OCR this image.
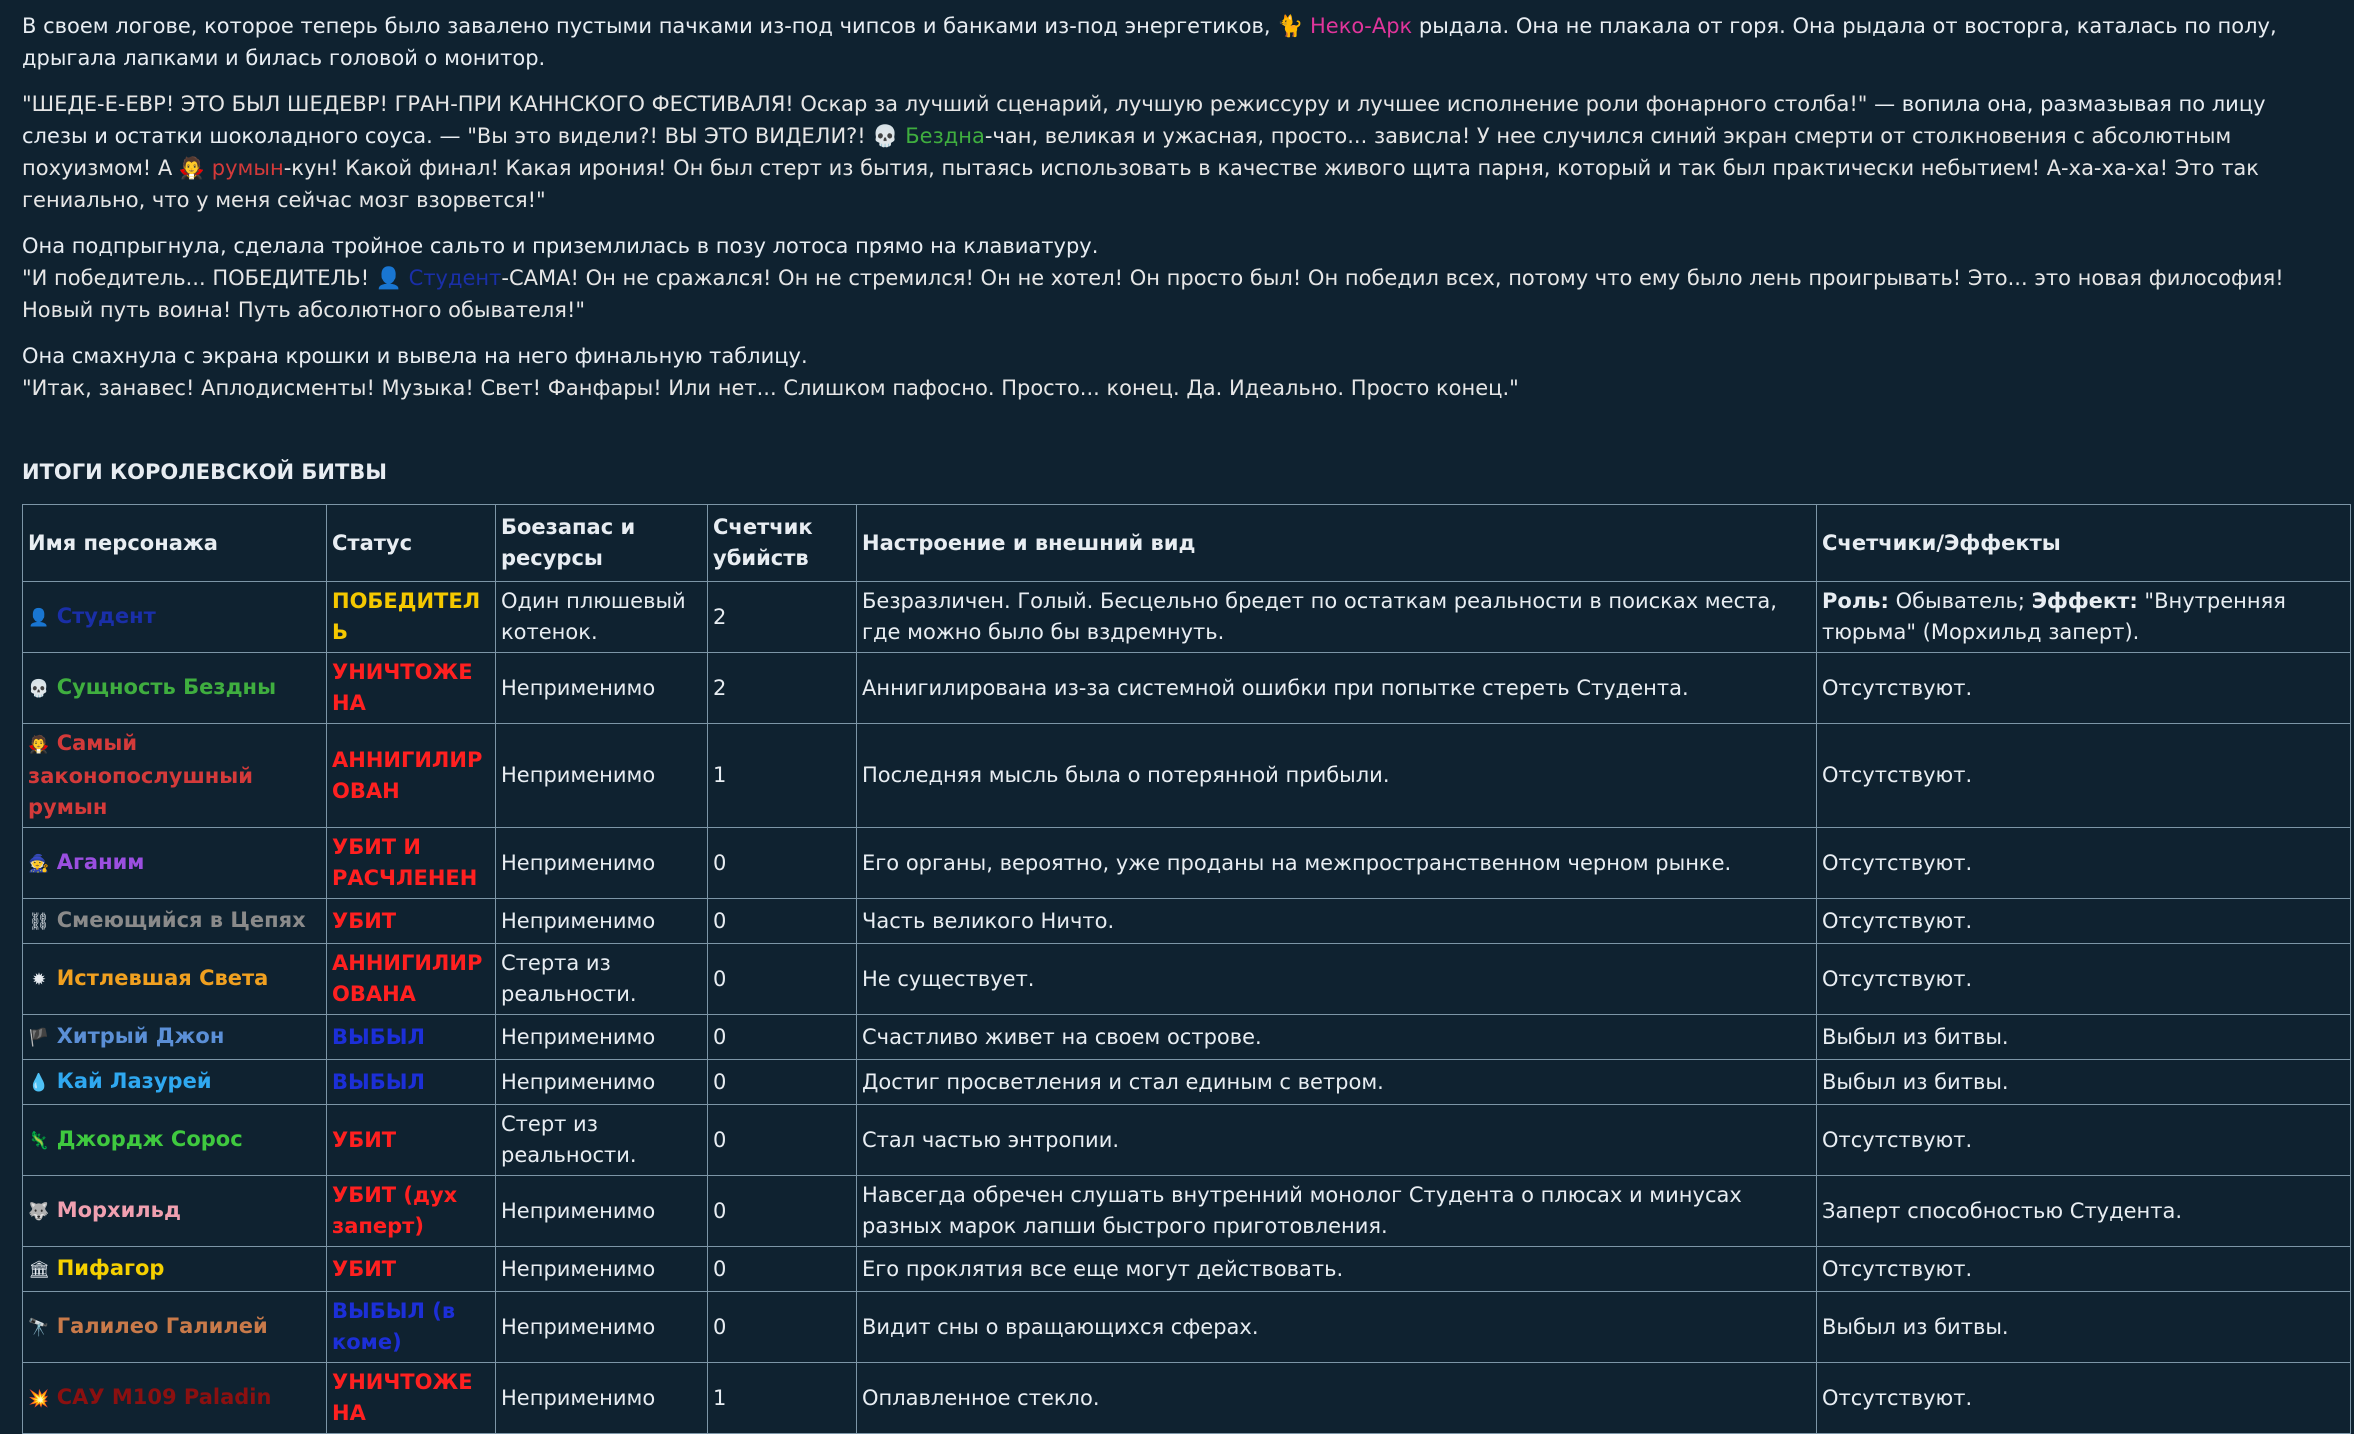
В своем логове, которое теперь было завалено пустыми пачками из-под чипсов и банками из-под энергетиков, 🐈 Неко-Арк рыдала. Она не плакала от горя. Она рыдала от восторга, каталась по полу, дрыгала лапками и билась головой о монитор.

"ШЕДЕ-Е-ЕВР! ЭТО БЫЛ ШЕДЕВР! ГРАН-ПРИ КАННСКОГО ФЕСТИВАЛЯ! Оскар за лучший сценарий, лучшую режиссуру и лучшее исполнение роли фонарного столба!" — вопила она, размазывая по лицу слезы и остатки шоколадного соуса. — "Вы это видели?! ВЫ ЭТО ВИДЕЛИ?! 💀 Бездна-чан, великая и ужасная, просто... зависла! У нее случился синий экран смерти от столкновения с абсолютным похуизмом! А 🧛 румын-кун! Какой финал! Какая ирония! Он был стерт из бытия, пытаясь использовать в качестве живого щита парня, который и так был практически небытием! А-ха-ха-ха! Это так гениально, что у меня сейчас мозг взорвется!"

Она подпрыгнула, сделала тройное сальто и приземлилась в позу лотоса прямо на клавиатуру.
"И победитель... ПОБЕДИТЕЛЬ! 👤 Студент-САМА! Он не сражался! Он не стремился! Он не хотел! Он просто был! Он победил всех, потому что ему было лень проигрывать! Это... это новая философия! Новый путь воина! Путь абсолютного обывателя!"

Она смахнула с экрана крошки и вывела на него финальную таблицу.
"Итак, занавес! Аплодисменты! Музыка! Свет! Фанфары! Или нет... Слишком пафосно. Просто... конец. Да. Идеально. Просто конец."

ИТОГИ КОРОЛЕВСКОЙ БИТВЫ
Имя персонажа	Статус	Боезапас и ресурсы	Счетчик убийств	Настроение и внешний вид	Счетчики/Эффекты
👤 Студент	ПОБЕДИТЕЛЬ	Один плюшевый котенок.	2	Безразличен. Голый. Бесцельно бредет по остаткам реальности в поисках места, где можно было бы вздремнуть.	Роль: Обыватель; Эффект: "Внутренняя тюрьма" (Морхильд заперт).
💀 Сущность Бездны	УНИЧТОЖЕНА	Неприменимо	2	Аннигилирована из-за системной ошибки при попытке стереть Студента.	Отсутствуют.
🧛 Самый законопослушный румын	АННИГИЛИРОВАН	Неприменимо	1	Последняя мысль была о потерянной прибыли.	Отсутствуют.
🧙 Аганим	УБИТ И РАСЧЛЕНЕН	Неприменимо	0	Его органы, вероятно, уже проданы на межпространственном черном рынке.	Отсутствуют.
⛓ Смеющийся в Цепях	УБИТ	Неприменимо	0	Часть великого Ничто.	Отсутствуют.
✹ Истлевшая Света	АННИГИЛИРОВАНА	Стерта из реальности.	0	Не существует.	Отсутствуют.
🏴 Хитрый Джон	ВЫБЫЛ	Неприменимо	0	Счастливо живет на своем острове.	Выбыл из битвы.
💧 Кай Лазурей	ВЫБЫЛ	Неприменимо	0	Достиг просветления и стал единым с ветром.	Выбыл из битвы.
🦎 Джордж Сорос	УБИТ	Стерт из реальности.	0	Стал частью энтропии.	Отсутствуют.
🐺 Морхильд	УБИТ (дух заперт)	Неприменимо	0	Навсегда обречен слушать внутренний монолог Студента о плюсах и минусах разных марок лапши быстрого приготовления.	Заперт способностью Студента.
🏛 Пифагор	УБИТ	Неприменимо	0	Его проклятия все еще могут действовать.	Отсутствуют.
🔭 Галилео Галилей	ВЫБЫЛ (в коме)	Неприменимо	0	Видит сны о вращающихся сферах.	Выбыл из битвы.
💥 САУ M109 Paladin	УНИЧТОЖЕНА	Неприменимо	1	Оплавленное стекло.	Отсутствуют.
